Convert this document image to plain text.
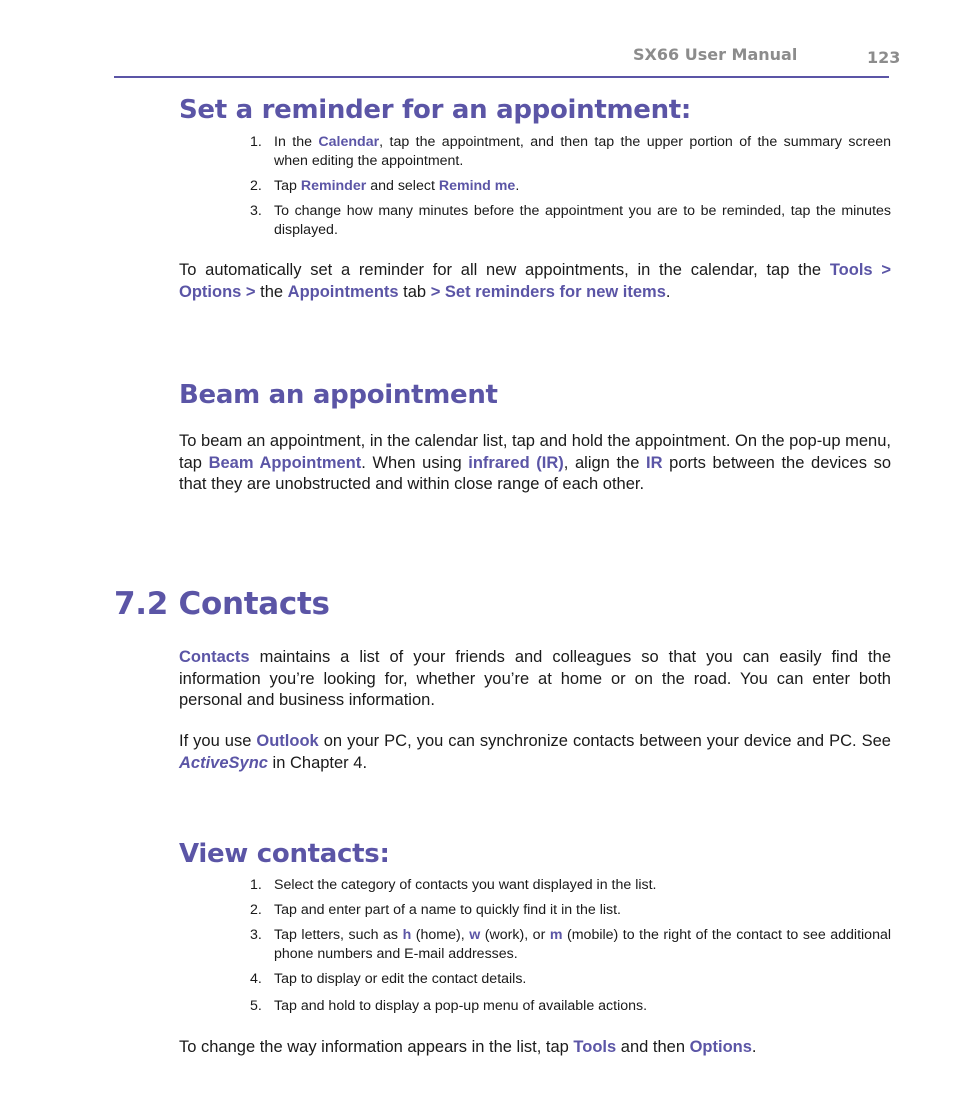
SX66 User Manual	123
Set a reminder for an appointment:
1. In the Calendar, tap the appointment, and then tap the upper portion of the summary screen when editing the appointment.
2. Tap Reminder and select Remind me.
3. To change how many minutes before the appointment you are to be reminded, tap the minutes displayed.

To automatically set a reminder for all new appointments, in the calendar, tap the Tools > Options > the Appointments tab > Set reminders for new items.

Beam an appointment

To beam an appointment, in the calendar list, tap and hold the appointment. On the pop-up menu, tap Beam Appointment. When using infrared (IR), align the IR ports between the devices so that they are unobstructed and within close range of each other.

7.2 Contacts

Contacts maintains a list of your friends and colleagues so that you can easily find the information you’re looking for, whether you’re at home or on the road. You can enter both personal and business information.

If you use Outlook on your PC, you can synchronize contacts between your device and PC. See ActiveSync in Chapter 4.

View contacts:
1. Select the category of contacts you want displayed in the list.
2. Tap and enter part of a name to quickly find it in the list.
3. Tap letters, such as h (home), w (work), or m (mobile) to the right of the contact to see additional phone numbers and E-mail addresses.
4. Tap to display or edit the contact details.
5. Tap and hold to display a pop-up menu of available actions.

To change the way information appears in the list, tap Tools and then Options.
